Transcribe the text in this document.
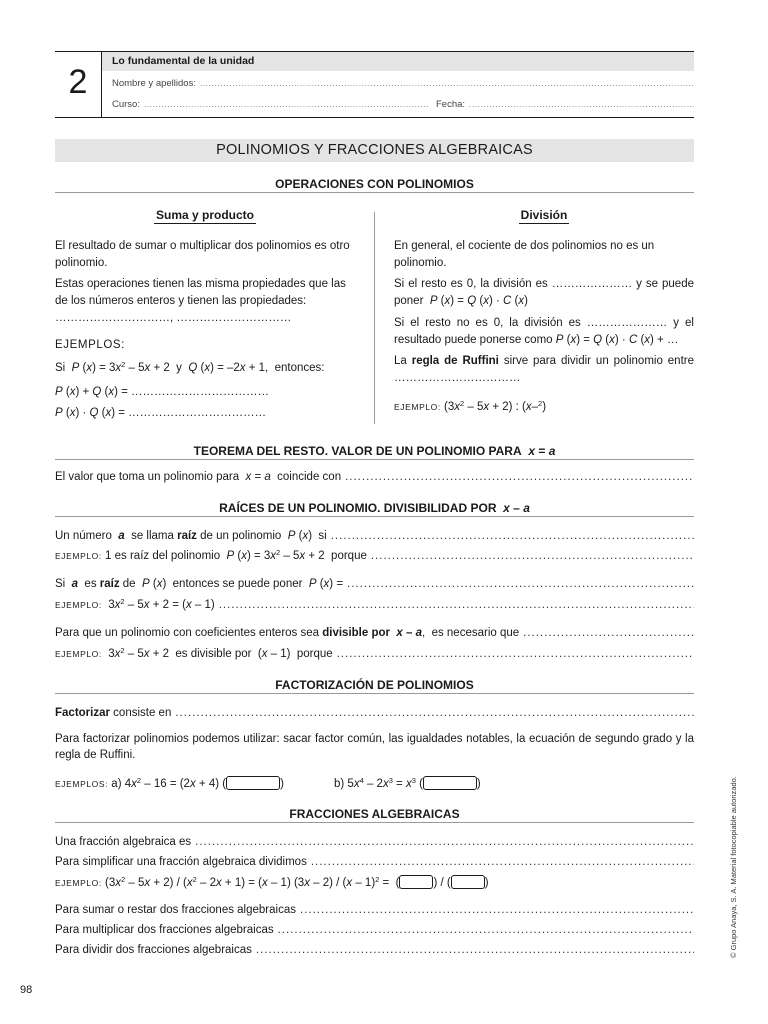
2
Lo fundamental de la unidad
Nombre y apellidos:
.....
Curso:
.....	Fecha:
.....
POLINOMIOS Y FRACCIONES ALGEBRAICAS
OPERACIONES CON POLINOMIOS
Suma y producto
El resultado de sumar o multiplicar dos polinomios es otro polinomio.
Estas operaciones tienen las misma propiedades que las de los números enteros y tienen las propiedades: …………………………, …………………………
EJEMPLOS:
Si  P $(x) = 3x^2 - 5x + 2$  y  Q (x) = –2x + 1,  entonces:
P (x) + Q (x) = ………………………………
P (x) · Q (x) = ………………………………
División
En general, el cociente de dos polinomios no es un polinomio.
Si el resto es 0, la división es ………………… y se puede poner  P (x) = Q (x) · C (x)
Si el resto no es 0, la división es ………………… y el resultado puede ponerse como P (x) = Q (x) · C (x) + …
La regla de Ruffini sirve para dividir un polinomio entre ……………………………
EJEMPLO: $(3x^2 - 5x + 2)$ : (x–$^2$)
TEOREMA DEL RESTO. VALOR DE UN POLINOMIO PARA x = a
El valor que toma un polinomio para x = a  coincide con
.....
RAÍCES DE UN POLINOMIO. DIVISIBILIDAD POR x – a
Un número  a  se llama raíz de un polinomio  P (x)  si
.....
EJEMPLO: 1 es raíz del polinomio  P $(x) = 3x^2 - 5x + 2$  porque
.....
Si  a  es raíz de  P (x)  entonces se puede poner  P (x) =
.....
EJEMPLO:  $3x^2 - 5x + 2 = (x - 1)$
.....
Para que un polinomio con coeficientes enteros sea divisible por  x – a,  es necesario que
.....
EJEMPLO:  $3x^2 - 5x + 2$  es divisible por  (x – 1)  porque
.....
FACTORIZACIÓN DE POLINOMIOS
Factorizar consiste en
.....
Para factorizar polinomios podemos utilizar: sacar factor común, las igualdades notables, la ecuación de segundo grado y la regla de Ruffini.
EJEMPLOS: a) $4x^2 - 16 = (2x + 4)$ (	)	b) $5x^4 - 2x^3 = x^3$ (	)
FRACCIONES ALGEBRAICAS
Una fracción algebraica es
.....
Para simplificar una fracción algebraica dividimos
.....
EJEMPLO: $(3x^2 - 5x + 2) / (x^2 - 2x + 1) = (x - 1)$ (3x – 2) / (x – 1)$^2$ =  (	) / (	)
Para sumar o restar dos fracciones algebraicas
.....
Para multiplicar dos fracciones algebraicas
.....
Para dividir dos fracciones algebraicas
.....
98
© Grupo Anaya, S. A. Material fotocopiable autorizado.
